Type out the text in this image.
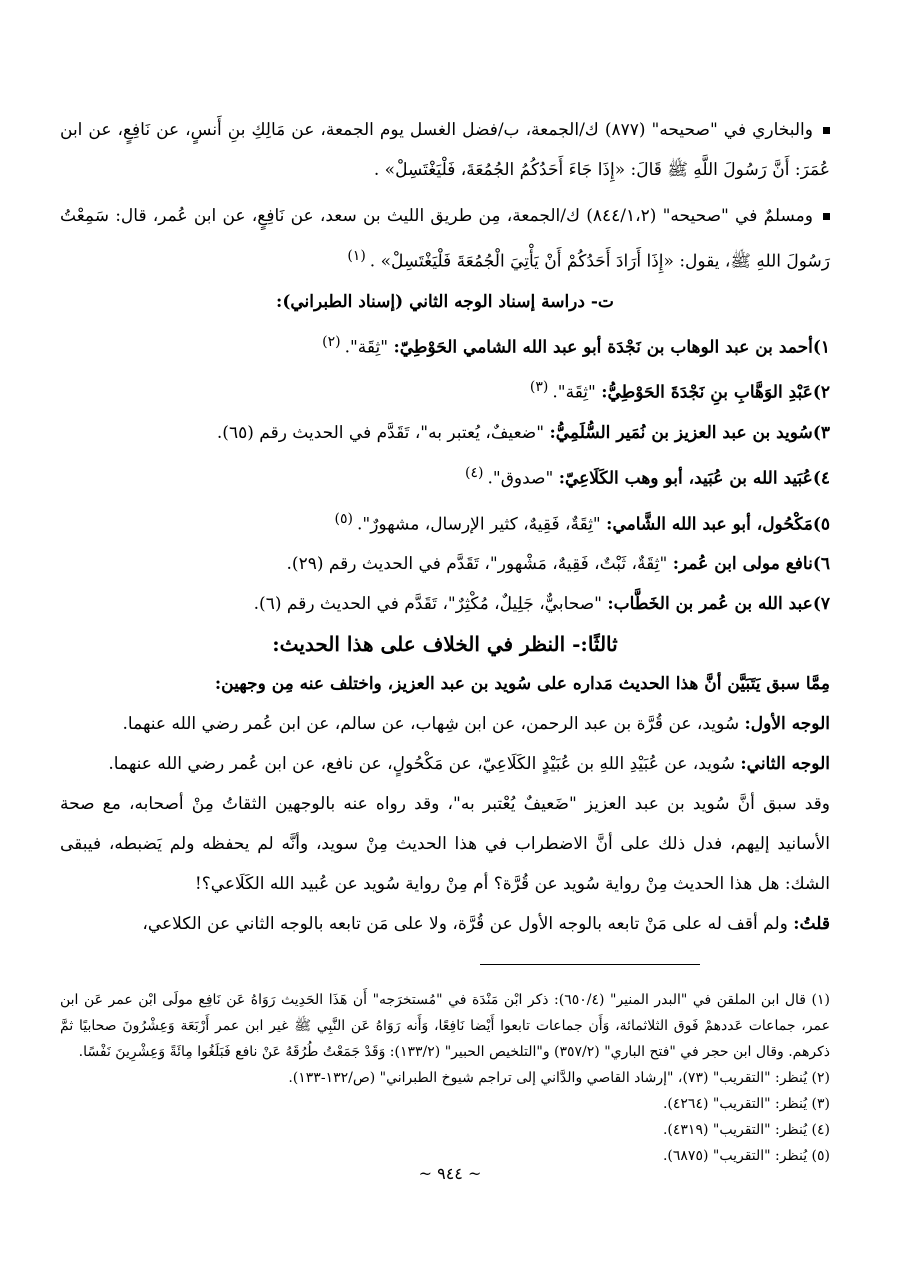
والبخاري في "صحيحه" (٨٧٧) ك/الجمعة، ب/فضل الغسل يوم الجمعة، عن مَالِكِ بنِ أَنسٍ، عن نَافِعٍ، عن ابن عُمَرَ: أَنَّ رَسُولَ اللَّهِ ﷺ قَالَ: «إِذَا جَاءَ أَحَدُكُمُ الجُمُعَةَ، فَلْيَغْتَسِلْ» .

ومسلمٌ في "صحيحه" (٨٤٤/١،٢) ك/الجمعة، مِن طريق الليث بن سعد، عن نَافِعٍ، عن ابن عُمر، قال: سَمِعْتُ رَسُولَ اللهِ ﷺ، يقول: «إِذَا أَرَادَ أَحَدُكُمْ أَنْ يَأْتِيَ الْجُمُعَةَ فَلْيَغْتَسِلْ» .$^{(١)}$

ت- دراسة إسناد الوجه الثاني (إسناد الطبراني):

١)أحمد بن عبد الوهاب بن نَجْدَة أبو عبد الله الشامي الحَوْطِيّ: "ثِقَة".$^{(٢)}$

٢)عَبْدِ الوَهَّابِ بنِ نَجْدَةَ الحَوْطِيُّ: "ثِقَة".$^{(٣)}$

٣)سُويد بن عبد العزيز بن نُمَير السُّلَمِيُّ: "ضعيفٌ، يُعتبر به"، تَقَدَّم في الحديث رقم (٦٥).

٤)عُبَيد الله بن عُبَيد، أبو وهب الكَلَاعِيّ: "صدوق".$^{(٤)}$

٥)مَكْحُول، أبو عبد الله الشَّامي: "ثِقَةٌ، فَقِيهٌ، كثير الإرسال، مشهورٌ".$^{(٥)}$

٦)نافع مولى ابن عُمر: "ثِقَةٌ، ثَبْتٌ، فَقِيهٌ، مَشْهور"، تَقَدَّم في الحديث رقم (٢٩).

٧)عبد الله بن عُمر بن الخَطَّاب: "صحابيٌّ، جَلِيلٌ، مُكْثِرٌ"، تَقَدَّم في الحديث رقم (٦).

ثالثًا:- النظر في الخلاف على هذا الحديث:

مِمَّا سبق يَتَبَيَّن أنَّ هذا الحديث مَداره على سُويد بن عبد العزيز، واختلف عنه مِن وجهين:

الوجه الأول: سُويد، عن قُرَّة بن عبد الرحمن، عن ابن شِهاب، عن سالم، عن ابن عُمر رضي الله عنهما.

الوجه الثاني: سُويد، عن عُبَيْدِ اللهِ بن عُبَيْدٍ الكَلَاعِيّ، عن مَكْحُولٍ، عن نافع، عن ابن عُمر رضي الله عنهما.

وقد سبق أنَّ سُويد بن عبد العزيز "ضَعيفٌ يُعْتبر به"، وقد رواه عنه بالوجهين الثقاتُ مِنْ أصحابه، مع صحة الأسانيد إليهم، فدل ذلك على أنَّ الاضطراب في هذا الحديث مِنْ سويد، وأنَّه لم يحفظه ولم يَضبطه، فيبقى الشك: هل هذا الحديث مِنْ رواية سُويد عن قُرَّة؟ أم مِنْ رواية سُويد عن عُبيد الله الكَلَاعي؟!

قلتُ: ولم أقف له على مَنْ تابعه بالوجه الأول عن قُرَّة، ولا على مَن تابعه بالوجه الثاني عن الكلاعي،

(١) قال ابن الملقن في "البدر المنير" (٦٥٠/٤): ذكر ابْن مَنْدَة في "مُستخرَجه" أَن هَذَا الحَدِيث رَوَاهُ عَن نَافِع مولَى ابْن عمر عَن ابن عمر، جماعات عَددهمْ فَوق الثلاثمائة، وَأَن جماعات تابعوا أَيْضا نَافِعًا، وَأَنه رَوَاهُ عَن النَّبِي ﷺ غير ابن عمر أَرْبَعَة وَعِشْرُونَ صحابيًا ثمَّ ذكرهم. وقال ابن حجر في "فتح الباري" (٣٥٧/٢) و"التلخيص الحبير" (١٣٣/٢): وَقَدْ جَمَعْتُ طُرُقَهُ عَنْ نافع فَبَلَغُوا مِائَةً وَعِشْرِينَ نَفْسًا.

(٢) يُنظر: "التقريب" (٧٣)، "إرشاد القاصي والدَّاني إلى تراجم شيوخ الطبراني" (ص/١٣٢-١٣٣).

(٣) يُنظر: "التقريب" (٤٢٦٤).

(٤) يُنظر: "التقريب" (٤٣١٩).

(٥) يُنظر: "التقريب" (٦٨٧٥).

~ ٩٤٤ ~
